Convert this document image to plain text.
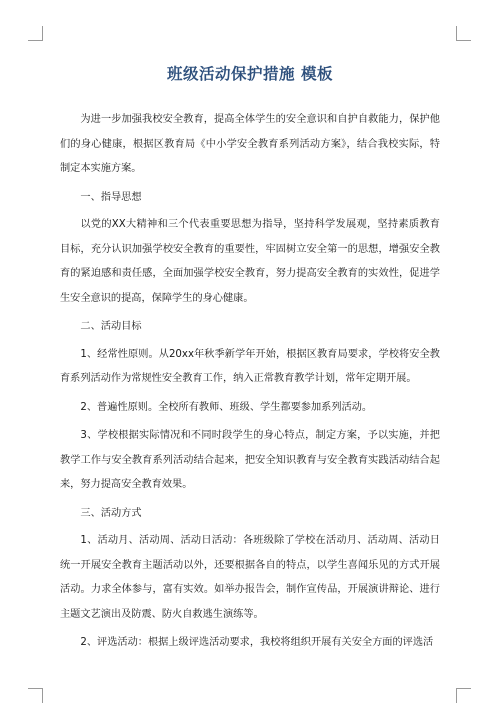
班级活动保护措施 模板

为进一步加强我校安全教育，提高全体学生的安全意识和自护自救能力，保护他们的身心健康，根据区教育局《中小学安全教育系列活动方案》，结合我校实际，特制定本实施方案。

一、指导思想

以党的XX大精神和三个代表重要思想为指导，坚持科学发展观，坚持素质教育目标，充分认识加强学校安全教育的重要性，牢固树立安全第一的思想，增强安全教育的紧迫感和责任感，全面加强学校安全教育，努力提高安全教育的实效性，促进学生安全意识的提高，保障学生的身心健康。

二、活动目标

1、经常性原则。从20xx年秋季新学年开始，根据区教育局要求，学校将安全教育系列活动作为常规性安全教育工作，纳入正常教育教学计划，常年定期开展。

2、普遍性原则。全校所有教师、班级、学生都要参加系列活动。

3、学校根据实际情况和不同时段学生的身心特点，制定方案，予以实施，并把教学工作与安全教育系列活动结合起来，把安全知识教育与安全教育实践活动结合起来，努力提高安全教育效果。

三、活动方式

1、活动月、活动周、活动日活动：各班级除了学校在活动月、活动周、活动日统一开展安全教育主题活动以外，还要根据各自的特点，以学生喜闻乐见的方式开展活动。力求全体参与，富有实效。如举办报告会，制作宣传品，开展演讲辩论、进行主题文艺演出及防震、防火自救逃生演练等。

2、评选活动：根据上级评选活动要求，我校将组织开展有关安全方面的评选活
